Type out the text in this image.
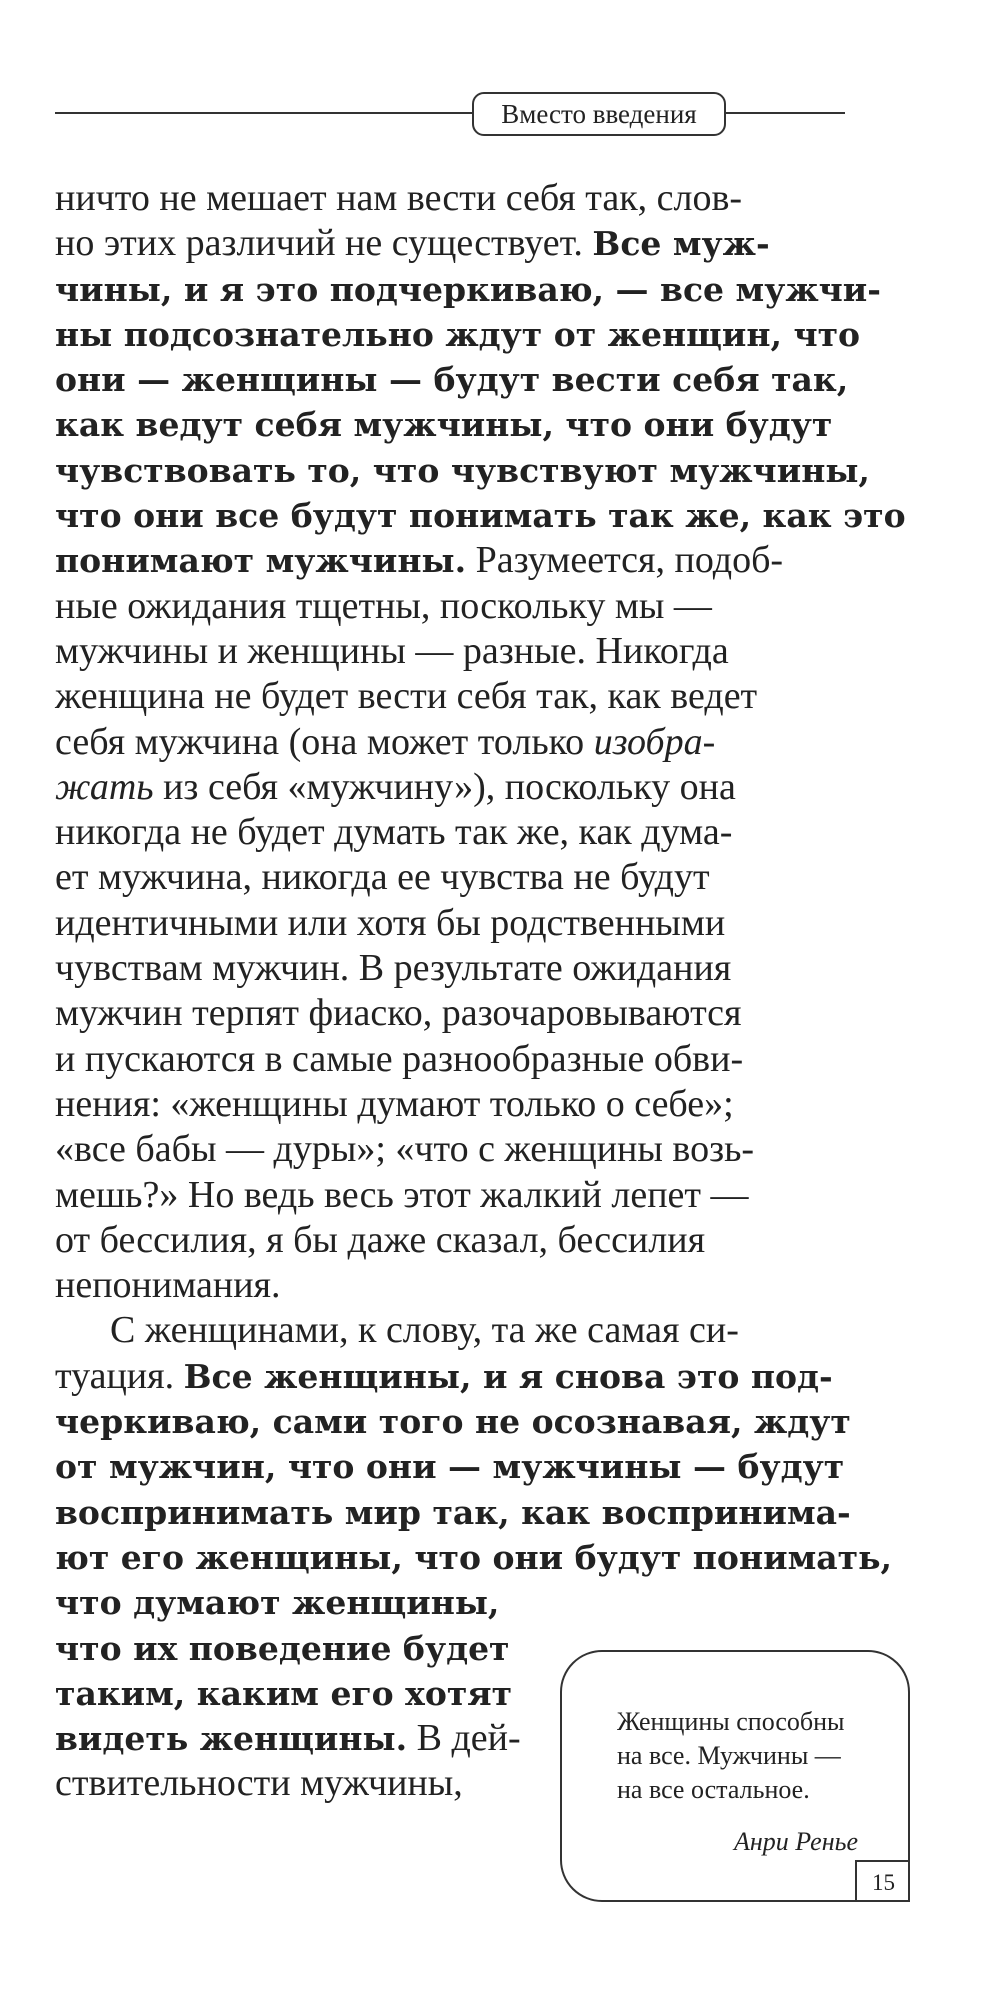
Вместо введения
ничто не мешает нам вести себя так, слов-
но этих различий не существует. Все муж-
чины, и я это подчеркиваю, — все мужчи-
ны подсознательно ждут от женщин, что
они — женщины — будут вести себя так,
как ведут себя мужчины, что они будут
чувствовать то, что чувствуют мужчины,
что они все будут понимать так же, как это
понимают мужчины. Разумеется, подоб-
ные ожидания тщетны, поскольку мы —
мужчины и женщины — разные. Никогда
женщина не будет вести себя так, как ведет
себя мужчина (она может только изобра-
жать из себя «мужчину»), поскольку она
никогда не будет думать так же, как дума-
ет мужчина, никогда ее чувства не будут
идентичными или хотя бы родственными
чувствам мужчин. В результате ожидания
мужчин терпят фиаско, разочаровываются
и пускаются в самые разнообразные обви-
нения: «женщины думают только о себе»;
«все бабы — дуры»; «что с женщины возь-
мешь?» Но ведь весь этот жалкий лепет —
от бессилия, я бы даже сказал, бессилия
непонимания.
С женщинами, к слову, та же самая си-
туация. Все женщины, и я снова это под-
черкиваю, сами того не осознавая, ждут
от мужчин, что они — мужчины — будут
воспринимать мир так, как воспринима-
ют его женщины, что они будут понимать,
что думают женщины,
что их поведение будет
таким, каким его хотят
видеть женщины. В дей-
ствительности мужчины,
Женщины способны
на все. Мужчины —
на все остальное.
Анри Ренье
15
